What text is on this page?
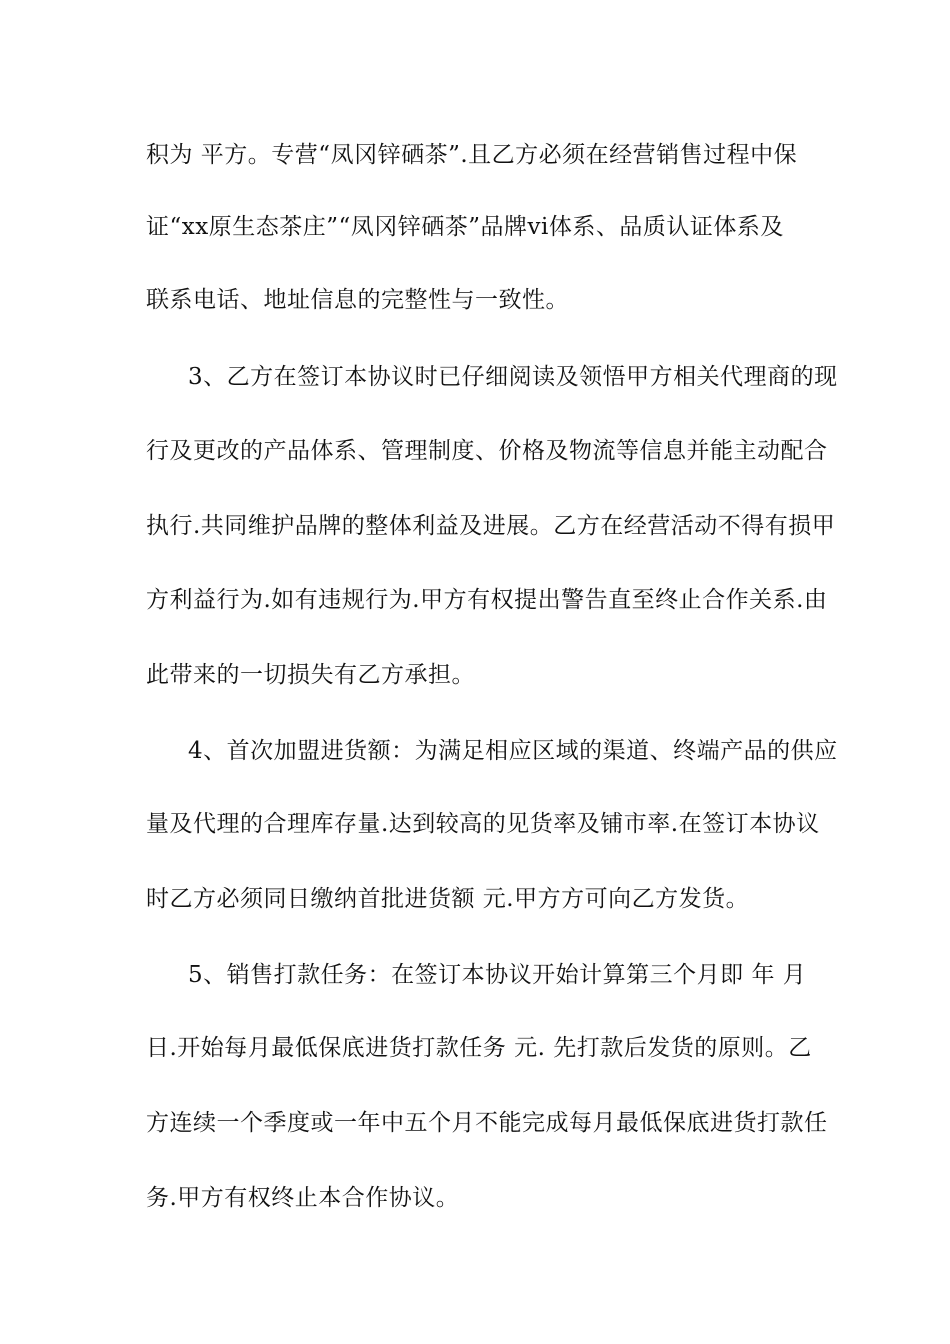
积为 平方。专营“凤冈锌硒茶”.且乙方必须在经营销售过程中保
证“xx原生态茶庄”“凤冈锌硒茶”品牌vi体系、品质认证体系及
联系电话、地址信息的完整性与一致性。
3、乙方在签订本协议时已仔细阅读及领悟甲方相关代理商的现
行及更改的产品体系、管理制度、价格及物流等信息并能主动配合
执行.共同维护品牌的整体利益及进展。乙方在经营活动不得有损甲
方利益行为.如有违规行为.甲方有权提出警告直至终止合作关系.由
此带来的一切损失有乙方承担。
4、首次加盟进货额：为满足相应区域的渠道、终端产品的供应
量及代理的合理库存量.达到较高的见货率及铺市率.在签订本协议
时乙方必须同日缴纳首批进货额 元.甲方方可向乙方发货。
5、销售打款任务：在签订本协议开始计算第三个月即 年 月
日.开始每月最低保底进货打款任务 元. 先打款后发货的原则。乙
方连续一个季度或一年中五个月不能完成每月最低保底进货打款任
务.甲方有权终止本合作协议。
